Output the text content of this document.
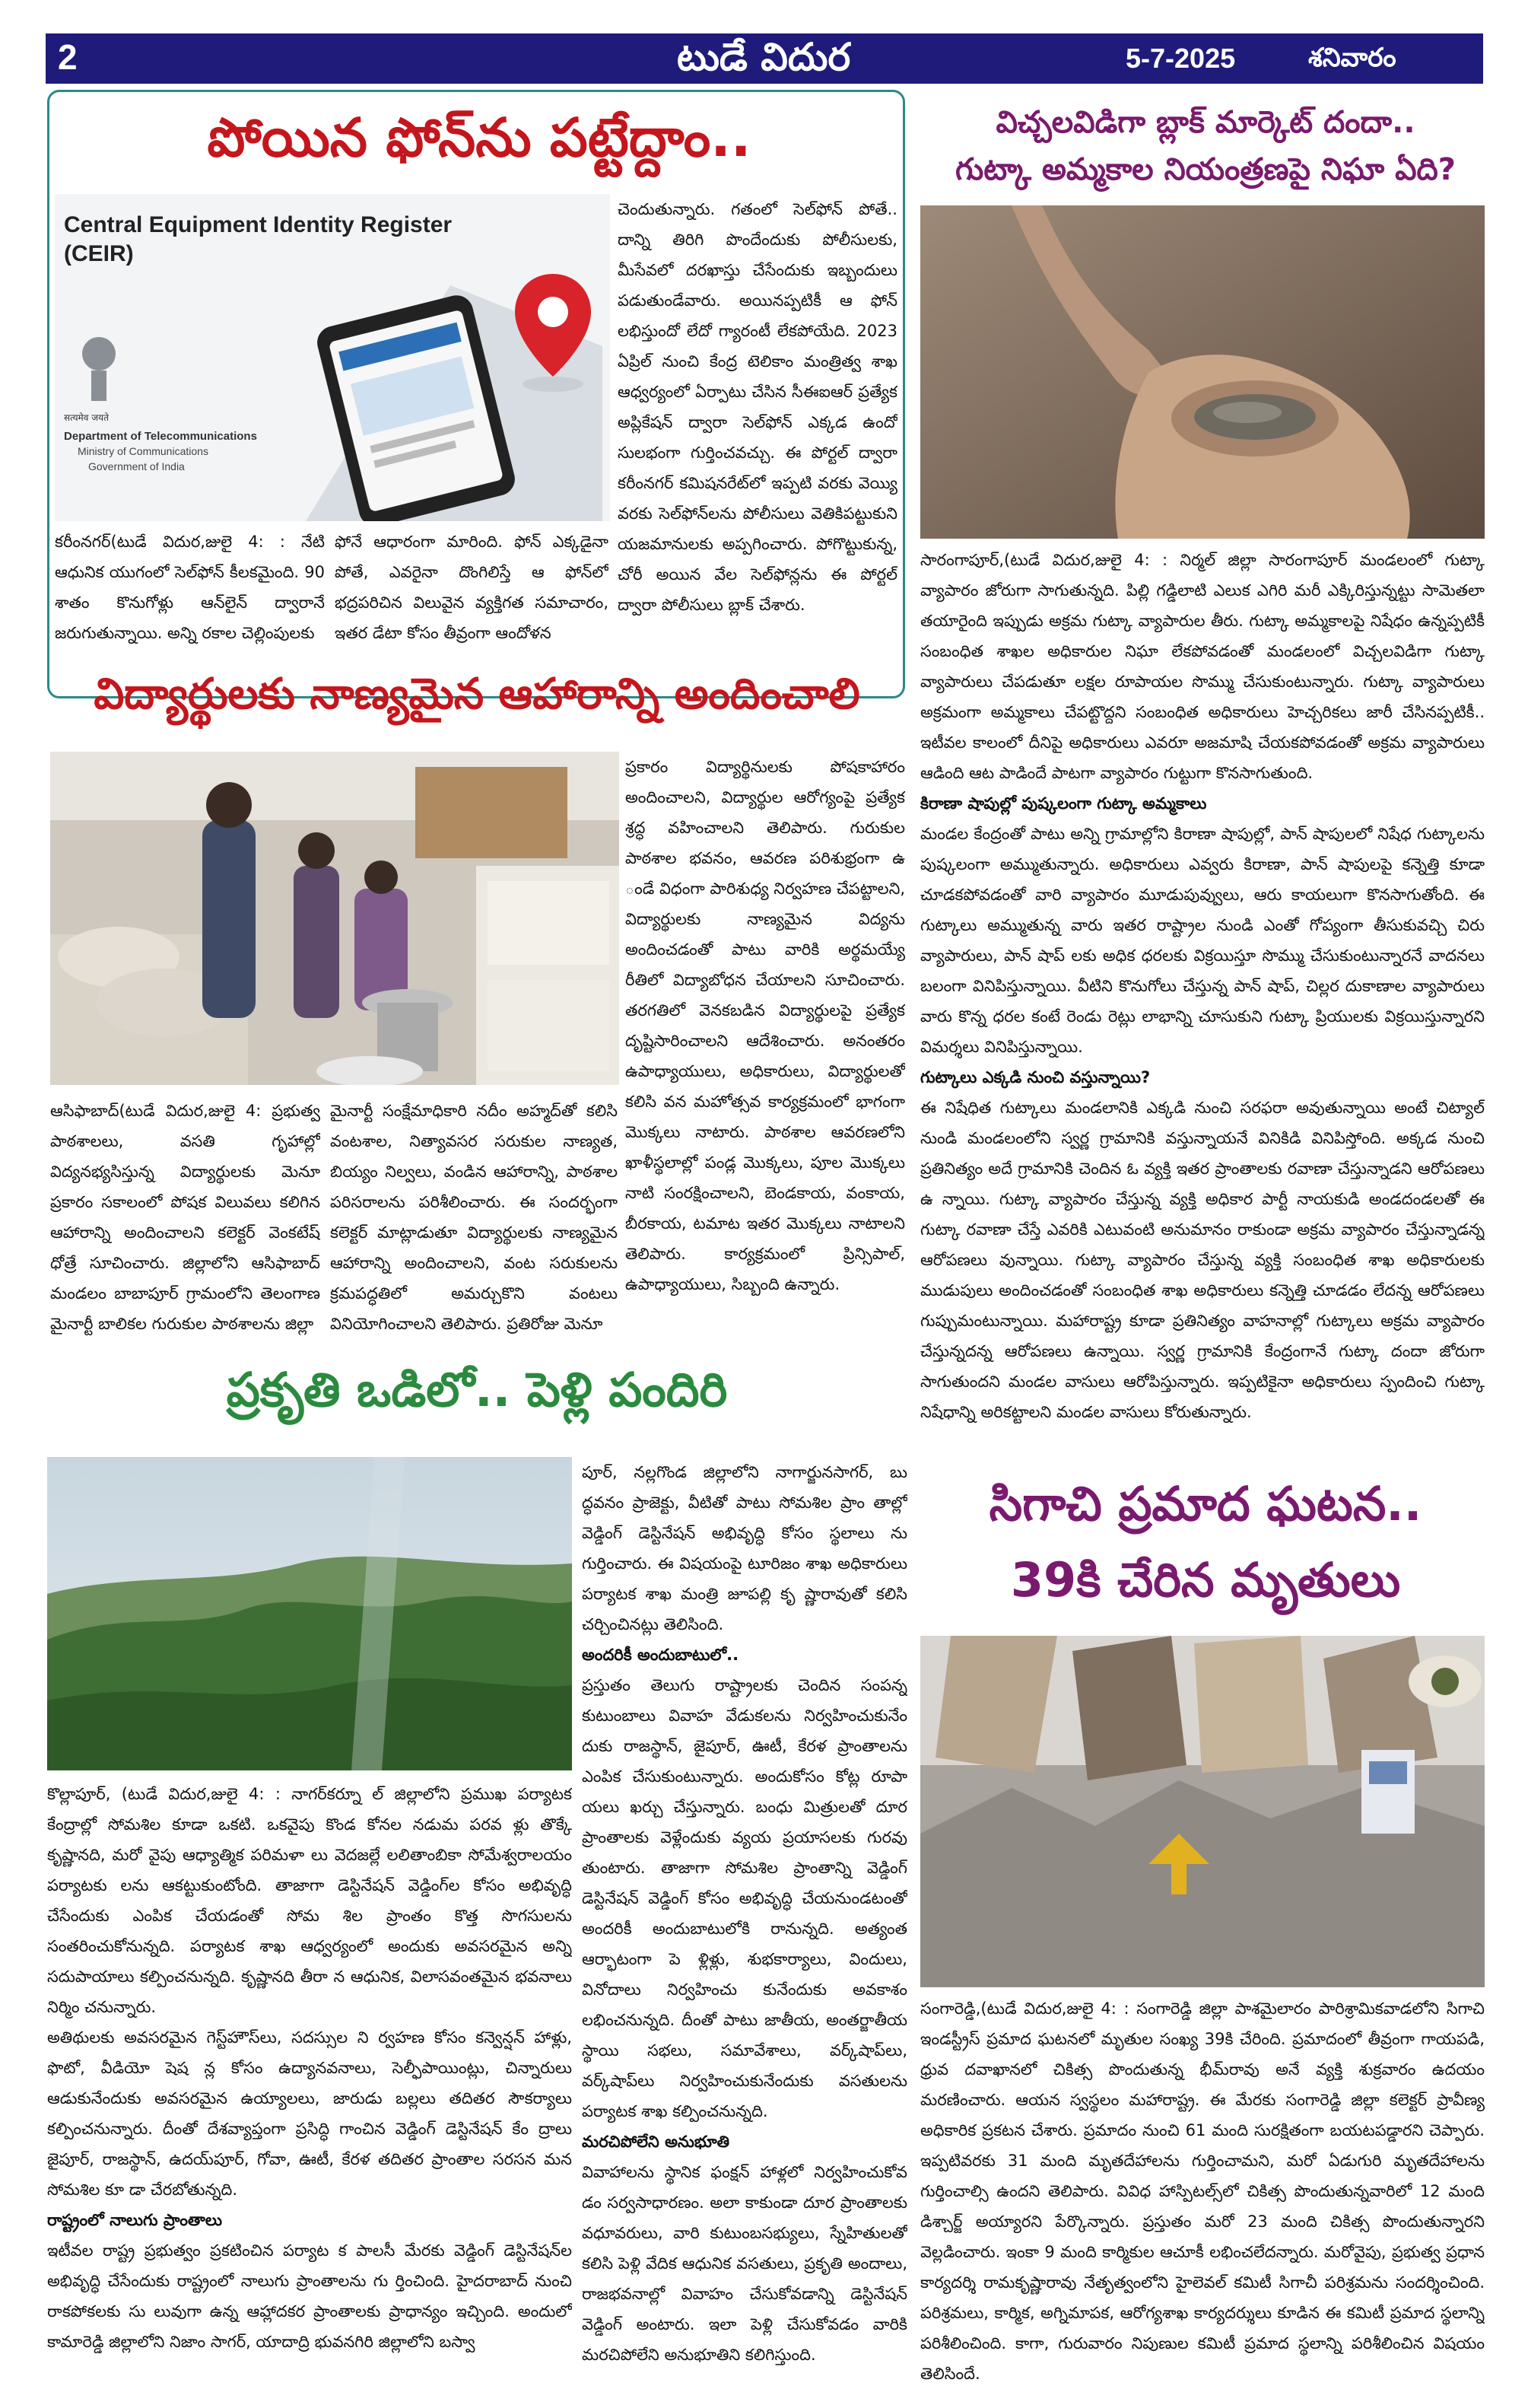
2	టుడే విదుర	5-7-2025	శనివారం
పోయిన ఫోన్‌ను పట్టేద్దాం..
Central Equipment Identity Register
(CEIR)
सत्यमेव जयते
Department of Telecommunications
Ministry of Communications
Government of India
చెందుతున్నారు. గతంలో సెల్‌ఫోన్‌ పోతే.. దాన్ని తిరిగి పొందేందుకు పోలీసులకు, మీసేవలో దరఖాస్తు చేసేందుకు ఇబ్బందులు పడుతుండేవారు. అయినప్పటికీ ఆ ఫోన్‌ లభిస్తుందో లేదో గ్యారంటీ లేకపోయేది. 2023 ఏప్రిల్‌ నుంచి కేంద్ర టెలికాం మంత్రిత్వ శాఖ ఆధ్వర్యంలో ఏర్పాటు చేసిన సీఈఐఆర్‌ ప్రత్యేక అప్లికేషన్‌ ద్వారా సెల్‌ఫోన్‌ ఎక్కడ ఉందో సులభంగా గుర్తించవచ్చు. ఈ పోర్టల్‌ ద్వారా కరీంనగర్‌ కమిషనరేట్‌లో ఇప్పటి వరకు వెయ్యి వరకు సెల్‌ఫోన్‌లను పోలీసులు వెతికిపట్టుకుని యజమానులకు అప్పగించారు. పోగొట్టుకున్న, చోరీ అయిన వేల సెల్‌ఫోన్లను ఈ పోర్టల్‌ ద్వారా పోలీసులు బ్లాక్‌ చేశారు.
కరీంనగర్‌(టుడే విదుర,జులై 4: : నేటి ఆధునిక యుగంలో సెల్‌ఫోన్‌ కీలకమైంది. 90 శాతం కొనుగోళ్లు ఆన్‌లైన్‌ ద్వారానే జరుగుతున్నాయి. అన్ని రకాల చెల్లింపులకు
ఫోనే ఆధారంగా మారింది. ఫోన్‌ ఎక్కడైనా పోతే, ఎవరైనా దొంగిలిస్తే ఆ ఫోన్‌లో భద్రపరిచిన విలువైన వ్యక్తిగత సమాచారం, ఇతర డేటా కోసం తీవ్రంగా ఆందోళన
విచ్చలవిడిగా బ్లాక్‌ మార్కెట్‌ దందా..
గుట్కా అమ్మకాల నియంత్రణపై నిఘా ఏది?

సారంగాపూర్‌,(టుడే విదుర,జులై 4: : నిర్మల్‌ జిల్లా సారంగాపూర్‌ మండలంలో గుట్కా వ్యాపారం జోరుగా సాగుతున్నది. పిల్లి గడ్డిలాటి ఎలుక ఎగిరి మరీ ఎక్కిరిస్తున్నట్టు సామెతలా తయారైంది ఇప్పుడు అక్రమ గుట్కా వ్యాపారుల తీరు. గుట్కా అమ్మకాలపై నిషేధం ఉన్నప్పటికీ సంబంధిత శాఖల అధికారుల నిఘా లేకపోవడంతో మండలంలో విచ్చలవిడిగా గుట్కా వ్యాపారులు చేపడుతూ లక్షల రూపాయల సొమ్ము చేసుకుంటున్నారు. గుట్కా వ్యాపారులు అక్రమంగా అమ్మకాలు చేపట్టొద్దని సంబంధిత అధికారులు హెచ్చరికలు జారీ చేసినప్పటికీ.. ఇటీవల కాలంలో దీనిపై అధికారులు ఎవరూ అజమాషి చేయకపోవడంతో అక్రమ వ్యాపారులు ఆడింది ఆట పాడిందే పాటగా వ్యాపారం గుట్టుగా కొనసాగుతుంది.

కిరాణా షాపుల్లో పుష్కలంగా గుట్కా అమ్మకాలు

మండల కేంద్రంతో పాటు అన్ని గ్రామాల్లోని కిరాణా షాపుల్లో, పాన్‌ షాపులలో నిషేధ గుట్కాలను పుష్కలంగా అమ్ముతున్నారు. అధికారులు ఎవ్వరు కిరాణా, పాన్‌ షాపులపై కన్నెత్తి కూడా చూడకపోవడంతో వారి వ్యాపారం మూడుపువ్వులు, ఆరు కాయలుగా కొనసాగుతోంది. ఈ గుట్కాలు అమ్ముతున్న వారు ఇతర రాష్ట్రాల నుండి ఎంతో గోప్యంగా తీసుకువచ్చి చిరు వ్యాపారులు, పాన్‌ షాప్‌ లకు అధిక ధరలకు విక్రయిస్తూ సొమ్ము చేసుకుంటున్నారనే వాదనలు బలంగా వినిపిస్తున్నాయి. వీటిని కొనుగోలు చేస్తున్న పాన్‌ షాప్‌, చిల్లర దుకాణాల వ్యాపారులు వారు కొన్న ధరల కంటే రెండు రెట్లు లాభాన్ని చూసుకుని గుట్కా ప్రియులకు విక్రయిస్తున్నారని విమర్శలు వినిపిస్తున్నాయి.

గుట్కాలు ఎక్కడి నుంచి వస్తున్నాయి?

ఈ నిషేధిత గుట్కాలు మండలానికి ఎక్కడి నుంచి సరఫరా అవుతున్నాయి అంటే చిట్యాల్‌ నుండి మండలంలోని స్వర్ణ గ్రామానికి వస్తున్నాయనే వినికిడి వినిపిస్తోంది. అక్కడ నుంచి ప్రతినిత్యం అదే గ్రామానికి చెందిన ఓ వ్యక్తి ఇతర ప్రాంతాలకు రవాణా చేస్తున్నాడని ఆరోపణలు ఉ న్నాయి. గుట్కా వ్యాపారం చేస్తున్న వ్యక్తి అధికార పార్టీ నాయకుడి అండదండలతో ఈ గుట్కా రవాణా చేస్తే ఎవరికి ఎటువంటి అనుమానం రాకుండా అక్రమ వ్యాపారం చేస్తున్నాడన్న ఆరోపణలు వున్నాయి. గుట్కా వ్యాపారం చేస్తున్న వ్యక్తి సంబంధిత శాఖ అధికారులకు ముడుపులు అందించడంతో సంబంధిత శాఖ అధికారులు కన్నెత్తి చూడడం లేదన్న ఆరోపణలు గుప్పుమంటున్నాయి. మహారాష్ట్ర కూడా ప్రతినిత్యం వాహనాల్లో గుట్కాలు అక్రమ వ్యాపారం చేస్తున్నదన్న ఆరోపణలు ఉన్నాయి. స్వర్ణ గ్రామానికి కేంద్రంగానే గుట్కా దందా జోరుగా సాగుతుందని మండల వాసులు ఆరోపిస్తున్నారు. ఇప్పటికైనా అధికారులు స్పందించి గుట్కా నిషేధాన్ని అరికట్టాలని మండల వాసులు కోరుతున్నారు.

విద్యార్థులకు నాణ్యమైన ఆహారాన్ని అందించాలి
ప్రకారం విద్యార్థినులకు పోషకాహారం అందించాలని, విద్యార్థుల ఆరోగ్యంపై ప్రత్యేక శ్రద్ధ వహించాలని తెలిపారు. గురుకుల పాఠశాల భవనం, ఆవరణ పరిశుభ్రంగా ఉ ండే విధంగా పారిశుధ్య నిర్వహణ చేపట్టాలని, విద్యార్థులకు నాణ్యమైన విద్యను అందించడంతో పాటు వారికి అర్థమయ్యే రీతిలో విద్యాబోధన చేయాలని సూచించారు. తరగతిలో వెనకబడిన విద్యార్థులపై ప్రత్యేక దృష్టిసారించాలని ఆదేశించారు. అనంతరం ఉపాధ్యాయులు, అధికారులు, విద్యార్థులతో కలిసి వన మహోత్సవ కార్యక్రమంలో భాగంగా మొక్కలు నాటారు. పాఠశాల ఆవరణలోని ఖాళీస్థలాల్లో పండ్ల మొక్కలు, పూల మొక్కలు నాటి సంరక్షించాలని, బెండకాయ, వంకాయ, బీరకాయ, టమాట ఇతర మొక్కలు నాటాలని తెలిపారు. కార్యక్రమంలో ప్రిన్సిపాల్‌, ఉపాధ్యాయులు, సిబ్బంది ఉన్నారు.
ఆసిఫాబాద్‌(టుడే విదుర,జులై 4: ప్రభుత్వ పాఠశాలలు, వసతి గృహాల్లో విద్యనభ్యసిస్తున్న విద్యార్థులకు మెనూ ప్రకారం సకాలంలో పోషక విలువలు కలిగిన ఆహారాన్ని అందించాలని కలెక్టర్‌ వెంకటేష్‌ ధోత్రే సూచించారు. జిల్లాలోని ఆసిఫాబాద్‌ మండలం బాబాపూర్‌ గ్రామంలోని తెలంగాణ మైనార్టీ బాలికల గురుకుల పాఠశాలను జిల్లా
మైనార్టీ సంక్షేమాధికారి నదీం అహ్మద్‌తో కలిసి వంటశాల, నిత్యావసర సరుకుల నాణ్యత, బియ్యం నిల్వలు, వండిన ఆహారాన్ని, పాఠశాల పరిసరాలను పరిశీలించారు. ఈ సందర్భంగా కలెక్టర్‌ మాట్లాడుతూ విద్యార్థులకు నాణ్యమైన ఆహారాన్ని అందించాలని, వంట సరుకులను క్రమపద్ధతిలో అమర్చుకొని వంటలు వినియోగించాలని తెలిపారు. ప్రతిరోజు మెనూ
ప్రకృతి ఒడిలో.. పెళ్లి పందిరి

పూర్‌, నల్లగొండ జిల్లాలోని నాగార్జునసాగర్‌, బు ద్ధవనం ప్రాజెక్టు, వీటితో పాటు సోమశిల ప్రాం తాల్లో వెడ్డింగ్‌ డెస్టినేషన్‌ అభివృద్ధి కోసం స్థలాలు ను గుర్తించారు. ఈ విషయంపై టూరిజం శాఖ అధికారులు పర్యాటక శాఖ మంత్రి జూపల్లి కృ ష్ణారావుతో కలిసి చర్చించినట్లు తెలిసింది.

అందరికీ అందుబాటులో..

ప్రస్తుతం తెలుగు రాష్ట్రాలకు చెందిన సంపన్న కుటుంబాలు వివాహ వేడుకలను నిర్వహించుకునేం దుకు రాజస్థాన్‌, జైపూర్‌, ఊటీ, కేరళ ప్రాంతాలను ఎంపిక చేసుకుంటున్నారు. అందుకోసం కోట్ల రూపా యలు ఖర్చు చేస్తున్నారు. బంధు మిత్రులతో దూర ప్రాంతాలకు వెళ్లేందుకు వ్యయ ప్రయాసలకు గురవు తుంటారు. తాజాగా సోమశిల ప్రాంతాన్ని వెడ్డింగ్‌ డెస్టినేషన్‌ వెడ్డింగ్‌ కోసం అభివృద్ధి చేయనుండటంతో అందరికీ అందుబాటులోకి రానున్నది. అత్యంత ఆర్భాటంగా పె ళ్లిళ్లు, శుభకార్యాలు, విందులు, వినోదాలు నిర్వహించు కునేందుకు అవకాశం లభించనున్నది. దీంతో పాటు జాతీయ, అంతర్జాతీయ స్థాయి సభలు, సమావేశాలు, వర్క్‌షాప్‌లు, వర్క్‌షాప్‌లు నిర్వహించుకునేందుకు వసతులను పర్యాటక శాఖ కల్పించనున్నది.

మరచిపోలేని అనుభూతి

వివాహాలను స్థానిక ఫంక్షన్‌ హాళ్లలో నిర్వహించుకోవ డం సర్వసాధారణం. అలా కాకుండా దూర ప్రాంతాలకు వధూవరులు, వారి కుటుంబసభ్యులు, స్నేహితులతో కలిసి పెళ్లి వేదిక ఆధునిక వసతులు, ప్రకృతి అందాలు, రాజభవనాల్లో వివాహం చేసుకోవడాన్ని డెస్టినేషన్‌ వెడ్డింగ్‌ అంటారు. ఇలా పెళ్లి చేసుకోవడం వారికి మరచిపోలేని అనుభూతిని కలిగిస్తుంది.

కొల్లాపూర్‌, (టుడే విదుర,జులై 4: : నాగర్‌కర్నూ ల్‌ జిల్లాలోని ప్రముఖ పర్యాటక కేంద్రాల్లో సోమశిల కూడా ఒకటి. ఒకవైపు కొండ కోనల నడుమ పరవ ళ్లు తొక్కే కృష్ణానది, మరో వైపు ఆధ్యాత్మిక పరిమళా లు వెదజల్లే లలితాంబికా సోమేశ్వరాలయం పర్యాటకు లను ఆకట్టుకుంటోంది. తాజాగా డెస్టినేషన్‌ వెడ్డింగ్‌ల కోసం అభివృద్ధి చేసేందుకు ఎంపిక చేయడంతో సోమ శిల ప్రాంతం కొత్త సొగసులను సంతరించుకోనున్నది. పర్యాటక శాఖ ఆధ్వర్యంలో అందుకు అవసరమైన అన్ని సదుపాయాలు కల్పించనున్నది. కృష్ణానది తీరా న ఆధునిక, విలాసవంతమైన భవనాలు నిర్మిం చనున్నారు.

అతిథులకు అవసరమైన గెస్ట్‌హౌస్‌లు, సదస్సుల ని ర్వహణ కోసం కన్వెన్షన్‌ హాళ్లు, ఫొటో, వీడియో షెష న్ల కోసం ఉద్యానవనాలు, సెల్ఫీపాయింట్లు, చిన్నారులు ఆడుకునేందుకు అవసరమైన ఉయ్యాలలు, జారుడు బల్లలు తదితర సౌకర్యాలు కల్పించనున్నారు. దీంతో దేశవ్యాప్తంగా ప్రసిద్ధి గాంచిన వెడ్డింగ్‌ డెస్టినేషన్‌ కేం ద్రాలు జైపూర్‌, రాజస్థాన్‌, ఉదయ్‌పూర్‌, గోవా, ఊటీ, కేరళ తదితర ప్రాంతాల సరసన మన సోమశిల కూ డా చేరబోతున్నది.

రాష్ట్రంలో నాలుగు ప్రాంతాలు

ఇటీవల రాష్ట్ర ప్రభుత్వం ప్రకటించిన పర్యాట క పాలసీ మేరకు వెడ్డింగ్‌ డెస్టినేషన్‌ల అభివృద్ధి చేసేందుకు రాష్ట్రంలో నాలుగు ప్రాంతాలను గు ర్తించింది. హైదరాబాద్‌ నుంచి రాకపోకలకు సు లువుగా ఉన్న ఆహ్లాదకర ప్రాంతాలకు ప్రాధాన్యం ఇచ్చింది. అందులో కామారెడ్డి జిల్లాలోని నిజాం సాగర్‌, యాదాద్రి భువనగిరి జిల్లాలోని బస్వా

సిగాచి ప్రమాద ఘటన..
39కి చేరిన మృతులు
సంగారెడ్డి,(టుడే విదుర,జులై 4: : సంగారెడ్డి జిల్లా పాశమైలారం పారిశ్రామికవాడలోని సిగాచి ఇండస్ట్రీస్‌ ప్రమాద ఘటనలో మృతుల సంఖ్య 39కి చేరింది. ప్రమాదంలో తీవ్రంగా గాయపడి, ధ్రువ దవాఖానలో చికిత్స పొందుతున్న భీమ్‌రావు అనే వ్యక్తి శుక్రవారం ఉదయం మరణించారు. ఆయన స్వస్థలం మహారాష్ట్ర. ఈ మేరకు సంగారెడ్డి జిల్లా కలెక్టర్‌ ప్రావీణ్య అధికారిక ప్రకటన చేశారు. ప్రమాదం నుంచి 61 మంది సురక్షితంగా బయటపడ్డారని చెప్పారు. ఇప్పటివరకు 31 మంది మృతదేహాలను గుర్తించామని, మరో ఏడుగురి మృతదేహాలను గుర్తించాల్సి ఉందని తెలిపారు. వివిధ హాస్పిటల్స్‌లో చికిత్స పొందుతున్నవారిలో 12 మంది డిశ్చార్జ్‌ అయ్యారని పేర్కొన్నారు. ప్రస్తుతం మరో 23 మంది చికిత్స పొందుతున్నారని వెల్లడించారు. ఇంకా 9 మంది కార్మికుల ఆచూకీ లభించలేదన్నారు. మరోవైపు, ప్రభుత్వ ప్రధాన కార్యదర్శి రామకృష్ణారావు నేతృత్వంలోని హైలెవల్‌ కమిటీ సిగాచీ పరిశ్రమను సందర్శించింది. పరిశ్రమలు, కార్మిక, అగ్నిమాపక, ఆరోగ్యశాఖ కార్యదర్శులు కూడిన ఈ కమిటీ ప్రమాద స్థలాన్ని పరిశీలించింది. కాగా, గురువారం నిపుణుల కమిటీ ప్రమాద స్థలాన్ని పరిశీలించిన విషయం తెలిసిందే.
